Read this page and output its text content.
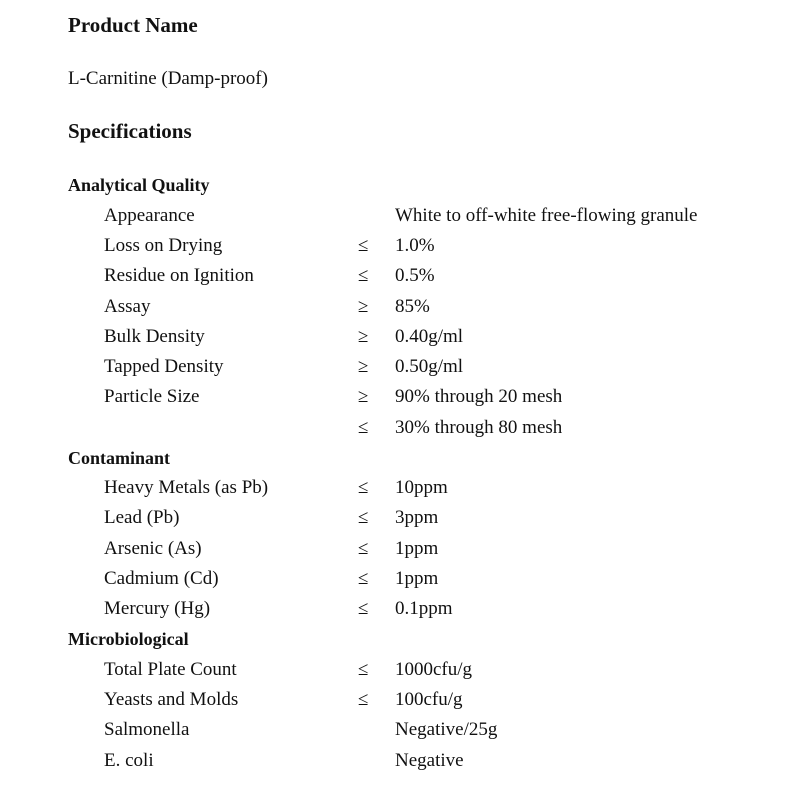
Product Name
L-Carnitine (Damp-proof)
Specifications
Analytical Quality
Appearance	White to off-white free-flowing granule
Loss on Drying	≤ 1.0%
Residue on Ignition	≤ 0.5%
Assay	≥ 85%
Bulk Density	≥ 0.40g/ml
Tapped Density	≥ 0.50g/ml
Particle Size	≥ 90% through 20 mesh
≤ 30% through 80 mesh
Contaminant
Heavy Metals (as Pb)	≤ 10ppm
Lead (Pb)	≤ 3ppm
Arsenic (As)	≤ 1ppm
Cadmium (Cd)	≤ 1ppm
Mercury (Hg)	≤ 0.1ppm
Microbiological
Total Plate Count	≤ 1000cfu/g
Yeasts and Molds	≤ 100cfu/g
Salmonella	Negative/25g
E. coli	Negative
